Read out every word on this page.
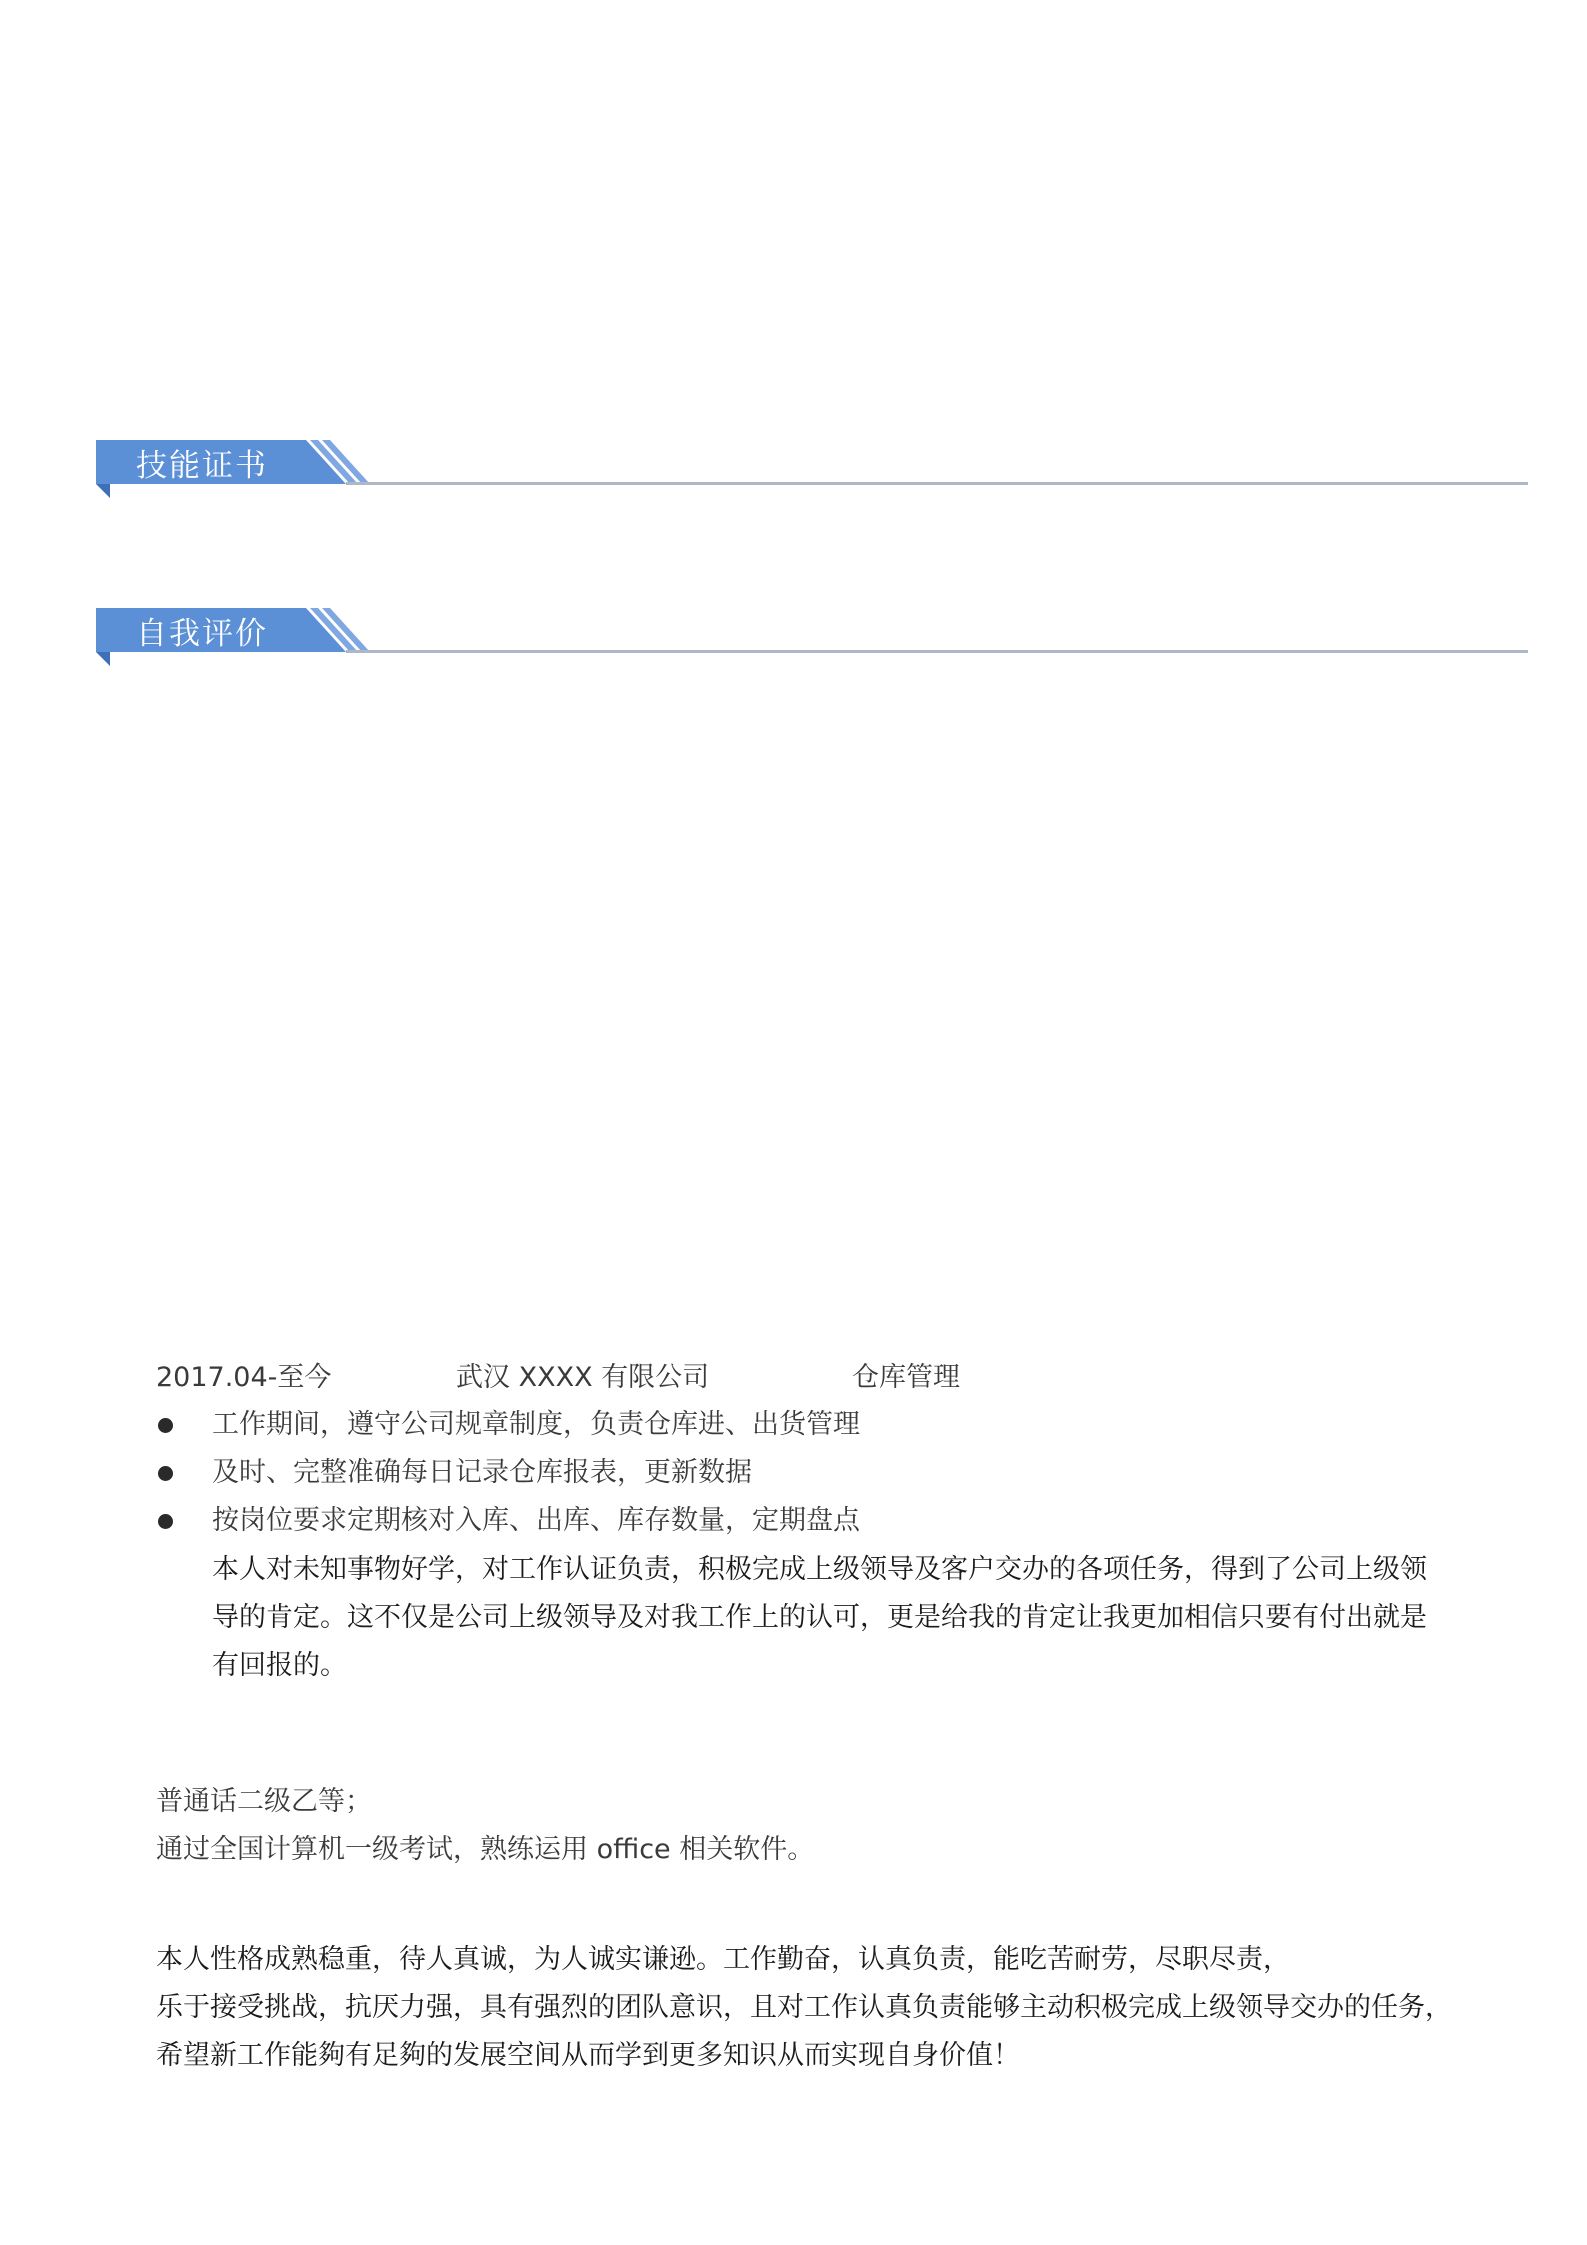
技能证书
自我评价
2017.04-至今	武汉 XXXX 有限公司	仓库管理
工作期间，遵守公司规章制度，负责仓库进、出货管理
及时、完整准确每日记录仓库报表，更新数据
按岗位要求定期核对入库、出库、库存数量，定期盘点
本人对未知事物好学，对工作认证负责，积极完成上级领导及客户交办的各项任务，得到了公司上级领
导的肯定。这不仅是公司上级领导及对我工作上的认可，更是给我的肯定让我更加相信只要有付出就是
有回报的。
普通话二级乙等；
通过全国计算机一级考试，熟练运用 office 相关软件。
本人性格成熟稳重，待人真诚，为人诚实谦逊。工作勤奋，认真负责，能吃苦耐劳，尽职尽责，
乐于接受挑战，抗厌力强，具有强烈的团队意识，且对工作认真负责能够主动积极完成上级领导交办的任务，
希望新工作能夠有足夠的发展空间从而学到更多知识从而实现自身价值！
